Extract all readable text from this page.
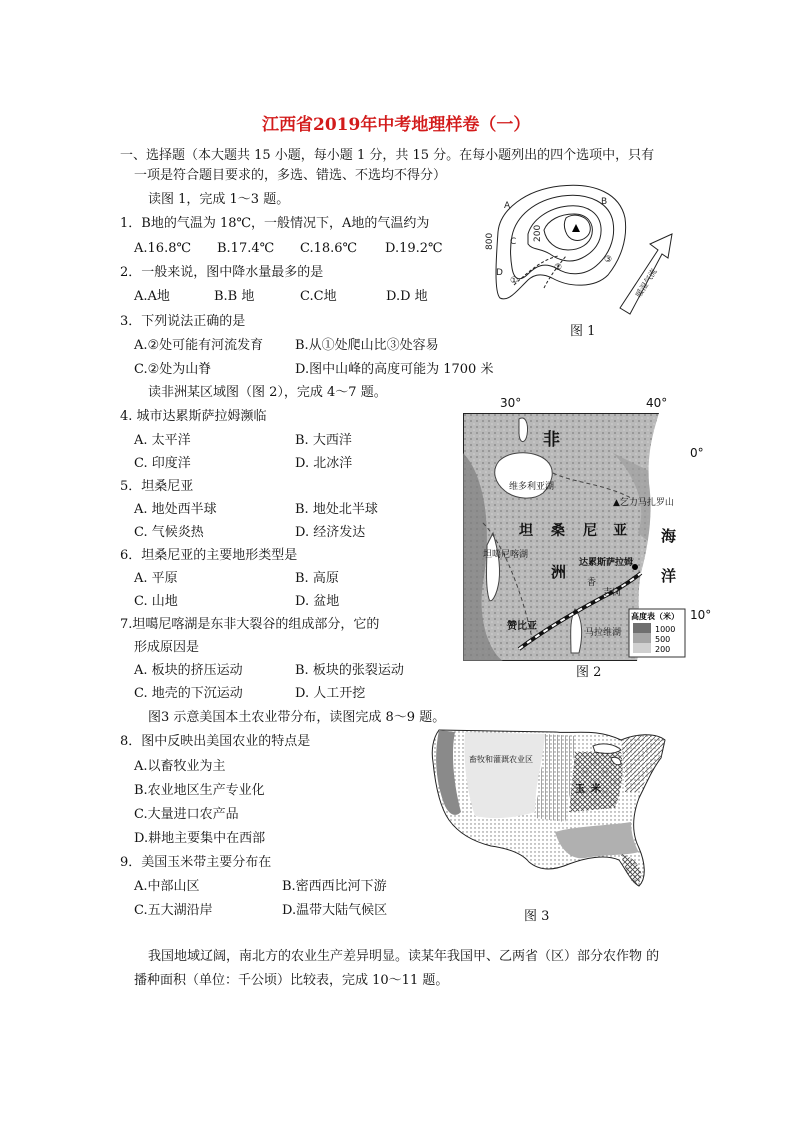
江西省2019年中考地理样卷（一）
一、选择题（本大题共 15 小题，每小题 1 分，共 15 分。在每小题列出的四个选项中，只有
一项是符合题目要求的，多选、错选、不选均不得分）
读图 1，完成 1～3 题。
1．B地的气温为 18℃，一般情况下，A地的气温约为
A.16.8℃ B.17.4℃ C.18.6℃ D.19.2℃
2．一般来说，图中降水量最多的是
A.A地	B.B 地	C.C地	D.D 地
3．下列说法正确的是
A.②处可能有河流发育 B.从①处爬山比③处容易
C.②处为山脊	D.图中山峰的高度可能为 1700 米
读非洲某区域图（图 2），完成 4～7 题。
4. 城市达累斯萨拉姆濒临
A. 太平洋	B. 大西洋
C. 印度洋	D. 北冰洋
5．坦桑尼亚
A. 地处西半球	B. 地处北半球
C. 气候炎热	D. 经济发达
6．坦桑尼亚的主要地形类型是
A. 平原	B. 高原
C. 山地	D. 盆地
7.坦噶尼喀湖是东非大裂谷的组成部分，它的
形成原因是
A. 板块的挤压运动	B. 板块的张裂运动
C. 地壳的下沉运动	D. 人工开挖
图3 示意美国本土农业带分布，读图完成 8～9 题。
8．图中反映出美国农业的特点是
A.以畜牧业为主
B.农业地区生产专业化
C.大量进口农产品
D.耕地主要集中在西部
9．美国玉米带主要分布在
A.中部山区	B.密西西比河下游
C.五大湖沿岸	D.温带大陆气候区
我国地域辽阔，南北方的农业生产差异明显。读某年我国甲、乙两省（区）部分农作物 的
播种面积（单位：千公顷）比较表，完成 10～11 题。
A	B
C
D
①
②
③
800	200
暖湿气流
图 1
30°	40°
0°
10°
非
洲
海
洋
维多利亚湖
坦 桑 尼 亚
坦噶尼喀湖
▲乞力马扎罗山
达累斯萨拉姆
香
吉岗
马拉维湖
赞比亚
高度表（米）
1000
500
200
图 2
畜牧和灌溉农业区
玉 米
图 3
